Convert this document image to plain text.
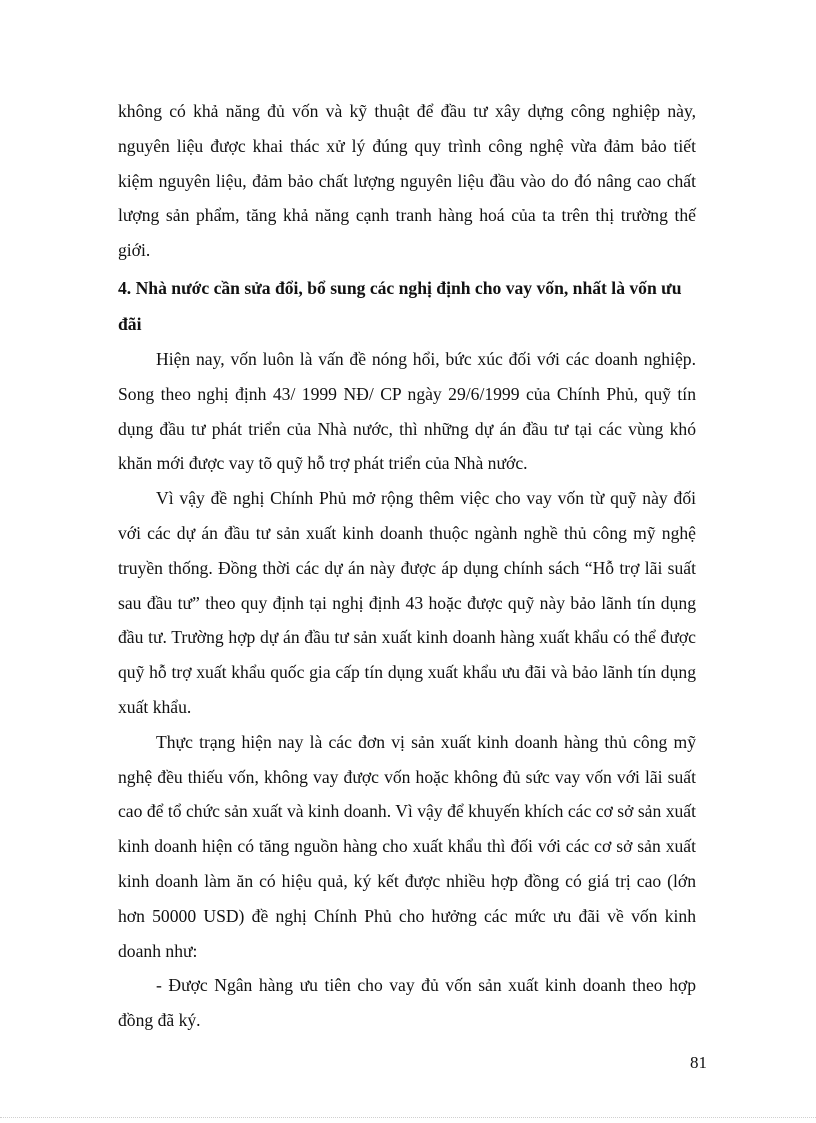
không có khả năng đủ vốn và kỹ thuật để đầu tư xây dựng công nghiệp này, nguyên liệu được khai thác xử lý đúng quy trình công nghệ vừa đảm bảo tiết kiệm nguyên liệu, đảm bảo chất lượng nguyên liệu đầu vào do đó nâng cao chất lượng sản phẩm, tăng khả năng cạnh tranh hàng hoá của ta trên thị trường thế giới.

4. Nhà nước cần sửa đổi, bổ sung các nghị định cho vay vốn, nhất là vốn ưu đãi

Hiện nay, vốn luôn là vấn đề nóng hổi, bức xúc đối với các doanh nghiệp. Song theo nghị định 43/ 1999 NĐ/ CP ngày 29/6/1999 của Chính Phủ, quỹ tín dụng đầu tư phát triển của Nhà nước, thì những dự án đầu tư tại các vùng khó khăn mới được vay tõ quỹ hỗ trợ phát triển của Nhà nước.

Vì vậy đề nghị Chính Phủ mở rộng thêm việc cho vay vốn từ quỹ này đối với các dự án đầu tư sản xuất kinh doanh thuộc ngành nghề thủ công mỹ nghệ truyền thống. Đồng thời các dự án này được áp dụng chính sách “Hỗ trợ lãi suất sau đầu tư” theo quy định tại nghị định 43 hoặc được quỹ này bảo lãnh tín dụng đầu tư. Trường hợp dự án đầu tư sản xuất kinh doanh hàng xuất khẩu có thể được quỹ hỗ trợ xuất khẩu quốc gia cấp tín dụng xuất khẩu ưu đãi và bảo lãnh tín dụng xuất khẩu.

Thực trạng hiện nay là các đơn vị sản xuất kinh doanh hàng thủ công mỹ nghệ đều thiếu vốn, không vay được vốn hoặc không đủ sức vay vốn với lãi suất cao để tổ chức sản xuất và kinh doanh. Vì vậy để khuyến khích các cơ sở sản xuất kinh doanh hiện có tăng nguồn hàng cho xuất khẩu thì đối với các cơ sở sản xuất kinh doanh làm ăn có hiệu quả, ký kết được nhiều hợp đồng có giá trị cao (lớn hơn 50000 USD) đề nghị Chính Phủ cho hưởng các mức ưu đãi về vốn kinh doanh như:

- Được Ngân hàng ưu tiên cho vay đủ vốn sản xuất kinh doanh theo hợp đồng đã ký.

81
